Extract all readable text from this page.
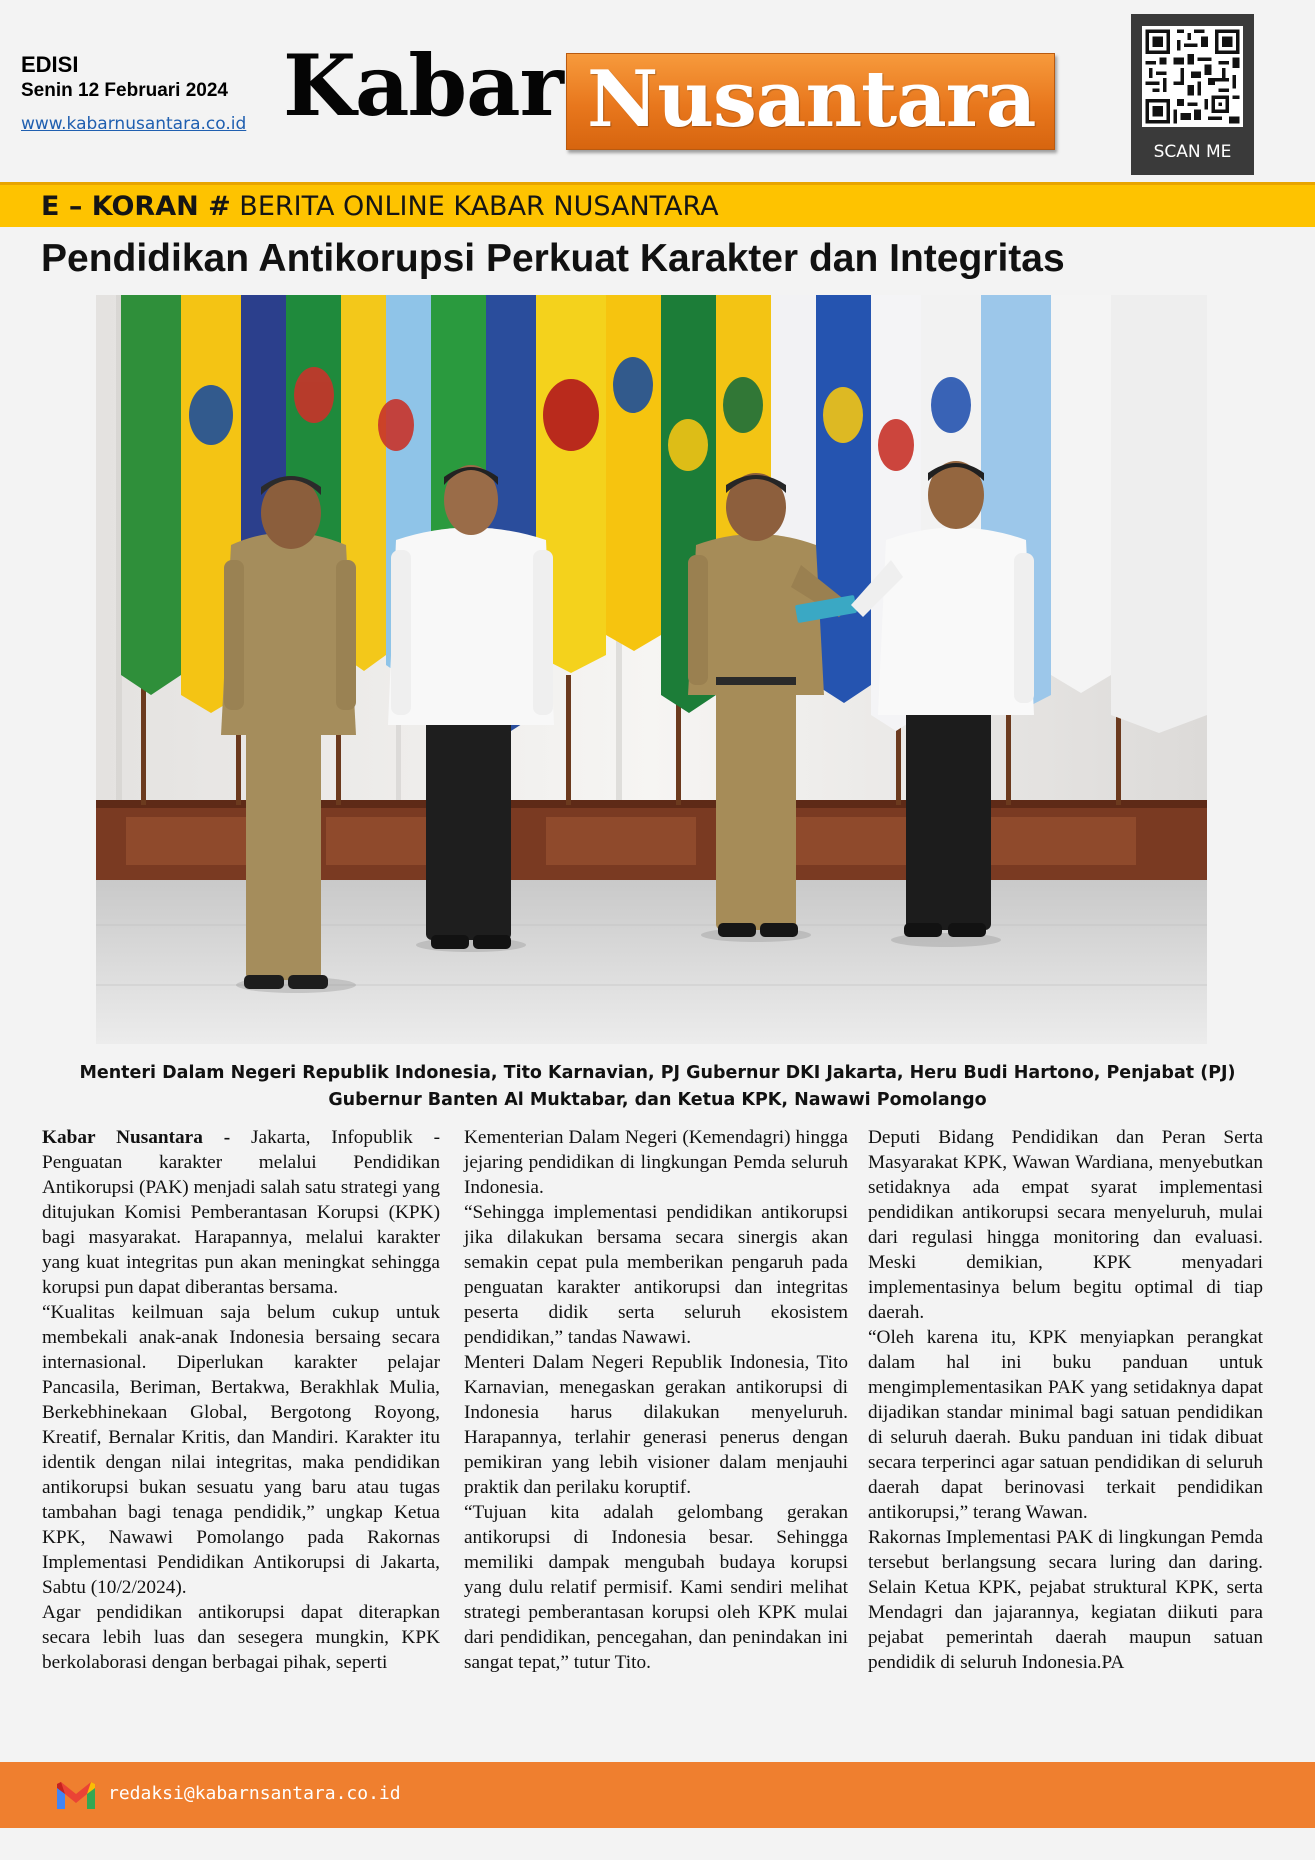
EDISI
Senin 12 Februari 2024
www.kabarnusantara.co.id Kabar Nusantara
SCAN ME
E – KORAN # BERITA ONLINE KABAR NUSANTARA
Pendidikan Antikorupsi Perkuat Karakter dan Integritas
Menteri Dalam Negeri Republik Indonesia, Tito Karnavian, PJ Gubernur DKI Jakarta, Heru Budi Hartono, Penjabat (PJ) Gubernur Banten Al Muktabar, dan Ketua KPK, Nawawi Pomolango

Kabar Nusantara - Jakarta, Infopublik - Penguatan karakter melalui Pendidikan Antikorupsi (PAK) menjadi salah satu strategi yang ditujukan Komisi Pemberantasan Korupsi (KPK) bagi masyarakat. Harapannya, melalui karakter yang kuat integritas pun akan meningkat sehingga korupsi pun dapat diberantas bersama.

“Kualitas keilmuan saja belum cukup untuk membekali anak-anak Indonesia bersaing secara internasional. Diperlukan karakter pelajar Pancasila, Beriman, Bertakwa, Berakhlak Mulia, Berkebhinekaan Global, Bergotong Royong, Kreatif, Bernalar Kritis, dan Mandiri. Karakter itu identik dengan nilai integritas, maka pendidikan antikorupsi bukan sesuatu yang baru atau tugas tambahan bagi tenaga pendidik,” ungkap Ketua KPK, Nawawi Pomolango pada Rakornas Implementasi Pendidikan Antikorupsi di Jakarta, Sabtu (10/2/2024).

Agar pendidikan antikorupsi dapat diterapkan secara lebih luas dan sesegera mungkin, KPK berkolaborasi dengan berbagai pihak, seperti

Kementerian Dalam Negeri (Kemendagri) hingga jejaring pendidikan di lingkungan Pemda seluruh Indonesia.

“Sehingga implementasi pendidikan antikorupsi jika dilakukan bersama secara sinergis akan semakin cepat pula memberikan pengaruh pada penguatan karakter antikorupsi dan integritas peserta didik serta seluruh ekosistem pendidikan,” tandas Nawawi.

Menteri Dalam Negeri Republik Indonesia, Tito Karnavian, menegaskan gerakan antikorupsi di Indonesia harus dilakukan menyeluruh. Harapannya, terlahir generasi penerus dengan pemikiran yang lebih visioner dalam menjauhi praktik dan perilaku koruptif.

“Tujuan kita adalah gelombang gerakan antikorupsi di Indonesia besar. Sehingga memiliki dampak mengubah budaya korupsi yang dulu relatif permisif. Kami sendiri melihat strategi pemberantasan korupsi oleh KPK mulai dari pendidikan, pencegahan, dan penindakan ini sangat tepat,” tutur Tito.

Deputi Bidang Pendidikan dan Peran Serta Masyarakat KPK, Wawan Wardiana, menyebutkan setidaknya ada empat syarat implementasi pendidikan antikorupsi secara menyeluruh, mulai dari regulasi hingga monitoring dan evaluasi. Meski demikian, KPK menyadari implementasinya belum begitu optimal di tiap daerah.

“Oleh karena itu, KPK menyiapkan perangkat dalam hal ini buku panduan untuk mengimplementasikan PAK yang setidaknya dapat dijadikan standar minimal bagi satuan pendidikan di seluruh daerah. Buku panduan ini tidak dibuat secara terperinci agar satuan pendidikan di seluruh daerah dapat berinovasi terkait pendidikan antikorupsi,” terang Wawan.

Rakornas Implementasi PAK di lingkungan Pemda tersebut berlangsung secara luring dan daring. Selain Ketua KPK, pejabat struktural KPK, serta Mendagri dan jajarannya, kegiatan diikuti para pejabat pemerintah daerah maupun satuan pendidik di seluruh Indonesia.PA

redaksi@kabarnsantara.co.id
